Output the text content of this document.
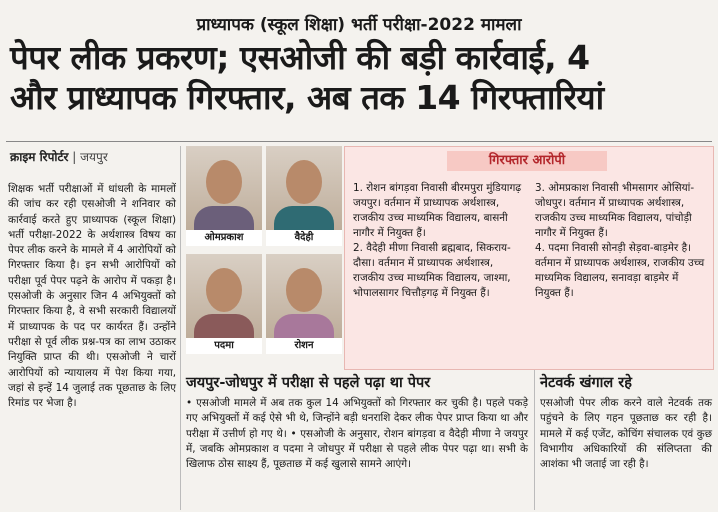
प्राध्यापक (स्कूल शिक्षा) भर्ती परीक्षा-2022 मामला
पेपर लीक प्रकरण; एसओजी की बड़ी कार्रवाई, 4
और प्राध्यापक गिरफ्तार, अब तक 14 गिरफ्तारियां
क्राइम रिपोर्टर | जयपुर
शिक्षक भर्ती परीक्षाओं में धांधली के मामलों की जांच कर रही एसओजी ने शनिवार को कार्रवाई करते हुए प्राध्यापक (स्कूल शिक्षा) भर्ती परीक्षा-2022 के अर्थशास्त्र विषय का पेपर लीक करने के मामले में 4 आरोपियों को गिरफ्तार किया है। इन सभी आरोपियों को परीक्षा पूर्व पेपर पढ़ने के आरोप में पकड़ा है। एसओजी के अनुसार जिन 4 अभियुक्तों को गिरफ्तार किया है, वे सभी सरकारी विद्यालयों में प्राध्यापक के पद पर कार्यरत हैं। उन्होंने परीक्षा से पूर्व लीक प्रश्न-पत्र का लाभ उठाकर नियुक्ति प्राप्त की थी। एसओजी ने चारों आरोपियों को न्यायालय में पेश किया गया, जहां से इन्हें 14 जुलाई तक पूछताछ के लिए रिमांड पर भेजा है।
ओमप्रकाश	वैदेही
पदमा	रोशन
गिरफ्तार आरोपी
1. रोशन बांगड़वा निवासी बीरमपुरा मुंडियागढ़ जयपुर। वर्तमान में प्राध्यापक अर्थशास्त्र, राजकीय उच्च माध्यमिक विद्यालय, बासनी नागौर में नियुक्त हैं।
2. वैदेही मीणा निवासी ब्रह्मबाद, सिकराय-दौसा। वर्तमान में प्राध्यापक अर्थशास्त्र, राजकीय उच्च माध्यमिक विद्यालय, जाश्मा, भोपालसागर चित्तौड़गढ़ में नियुक्त हैं।
3. ओमप्रकाश निवासी भीमसागर ओसियां-जोधपुर। वर्तमान में प्राध्यापक अर्थशास्त्र, राजकीय उच्च माध्यमिक विद्यालय, पांचोड़ी नागौर में नियुक्त हैं।
4. पदमा निवासी सोनड़ी सेड़वा-बाड़मेर है। वर्तमान में प्राध्यापक अर्थशास्त्र, राजकीय उच्च माध्यमिक विद्यालय, सनावड़ा बाड़मेर में नियुक्त हैं।
जयपुर-जोधपुर में परीक्षा से पहले पढ़ा था पेपर
• एसओजी मामले में अब तक कुल 14 अभियुक्तों को गिरफ्तार कर चुकी है। पहले पकड़े गए अभियुक्तों में कई ऐसे भी थे, जिन्होंने बड़ी धनराशि देकर लीक पेपर प्राप्त किया था और परीक्षा में उत्तीर्ण हो गए थे। • एसओजी के अनुसार, रोशन बांगड़वा व वैदेही मीणा ने जयपुर में, जबकि ओमप्रकाश व पदमा ने जोधपुर में परीक्षा से पहले लीक पेपर पढ़ा था। सभी के खिलाफ ठोस साक्ष्य हैं, पूछताछ में कई खुलासे सामने आएंगे।
नेटवर्क खंगाल रहे
एसओजी पेपर लीक करने वाले नेटवर्क तक पहुंचने के लिए गहन पूछताछ कर रही है। मामले में कई एजेंट, कोचिंग संचालक एवं कुछ विभागीय अधिकारियों की संलिप्तता की आशंका भी जताई जा रही है।
